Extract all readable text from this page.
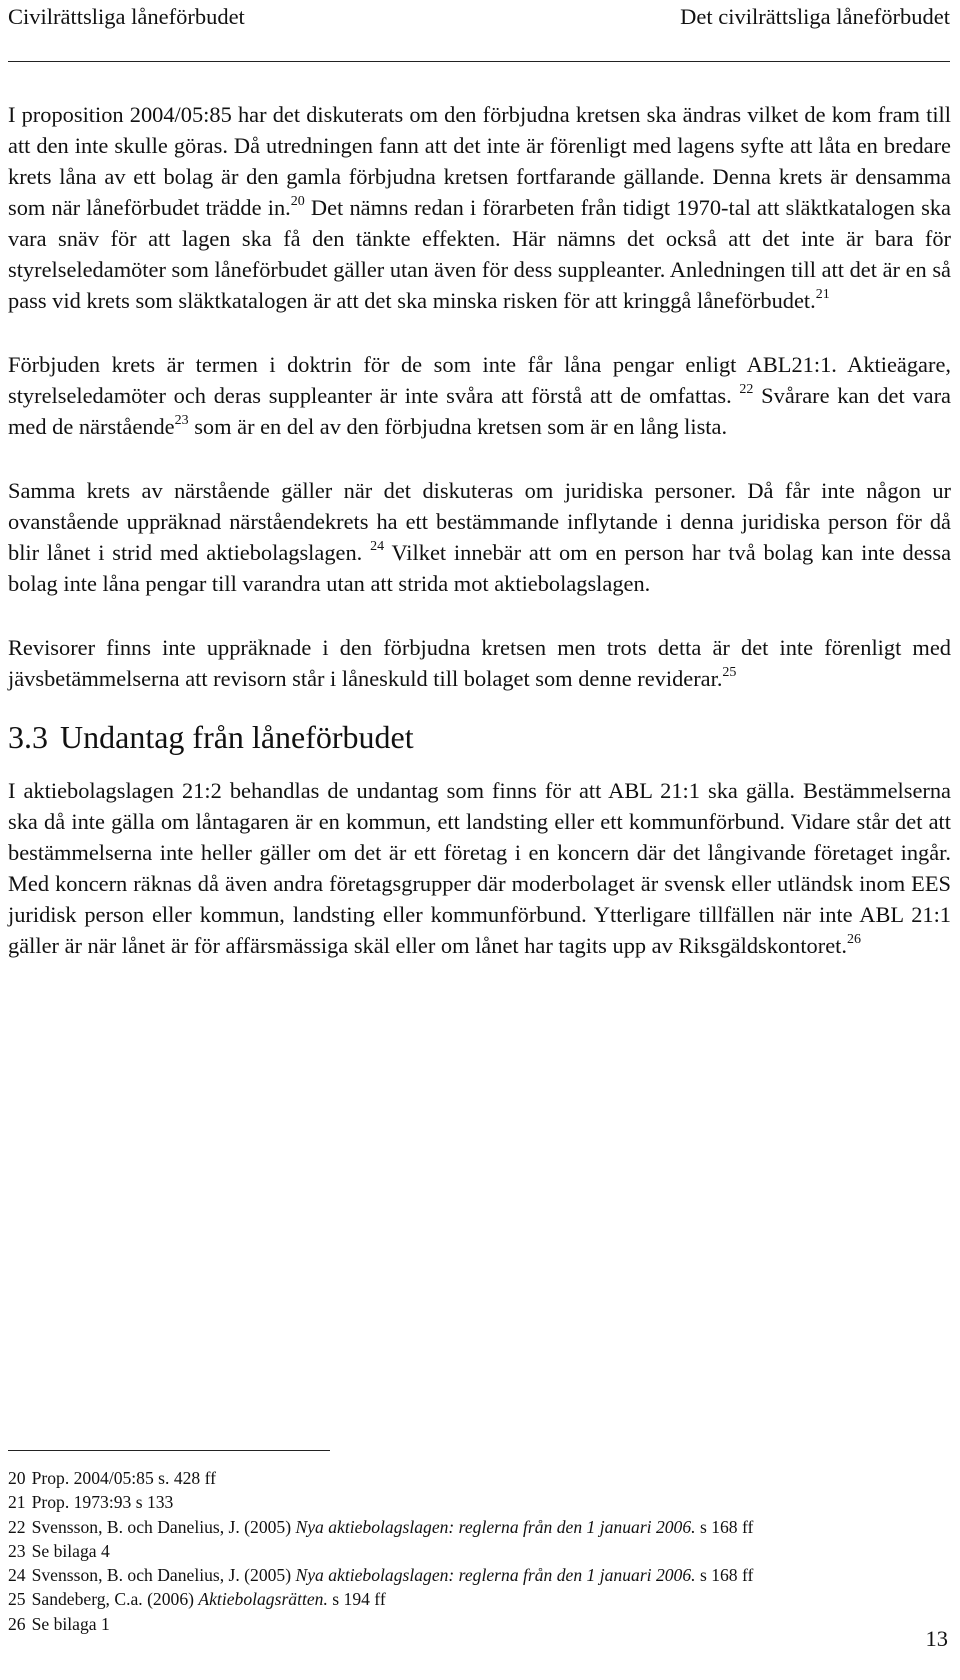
Civilrättsliga låneförbudet	Det civilrättsliga låneförbudet

I proposition 2004/05:85 har det diskuterats om den förbjudna kretsen ska ändras vilket de kom fram till att den inte skulle göras. Då utredningen fann att det inte är förenligt med lagens syfte att låta en bredare krets låna av ett bolag är den gamla förbjudna kretsen fortfarande gällande. Denna krets är densamma som när låneförbudet trädde in.$^{20}$ Det nämns redan i förarbeten från tidigt 1970-tal att släktkatalogen ska vara snäv för att lagen ska få den tänkte effekten. Här nämns det också att det inte är bara för styrelseledamöter som låneförbudet gäller utan även för dess suppleanter. Anledningen till att det är en så pass vid krets som släktkatalogen är att det ska minska risken för att kringgå låneförbudet.$^{21}$

Förbjuden krets är termen i doktrin för de som inte får låna pengar enligt ABL21:1. Aktieägare, styrelseledamöter och deras suppleanter är inte svåra att förstå att de omfattas. $^{22}$ Svårare kan det vara med de närstående$^{23}$ som är en del av den förbjudna kretsen som är en lång lista.

Samma krets av närstående gäller när det diskuteras om juridiska personer. Då får inte någon ur ovanstående uppräknad närståendekrets ha ett bestämmande inflytande i denna juridiska person för då blir lånet i strid med aktiebolagslagen. $^{24}$ Vilket innebär att om en person har två bolag kan inte dessa bolag inte låna pengar till varandra utan att strida mot aktiebolagslagen.

Revisorer finns inte uppräknade i den förbjudna kretsen men trots detta är det inte förenligt med jävsbetämmelserna att revisorn står i låneskuld till bolaget som denne reviderar.$^{25}$

3.3 Undantag från låneförbudet

I aktiebolagslagen 21:2 behandlas de undantag som finns för att ABL 21:1 ska gälla. Bestämmelserna ska då inte gälla om låntagaren är en kommun, ett landsting eller ett kommunförbund. Vidare står det att bestämmelserna inte heller gäller om det är ett företag i en koncern där det långivande företaget ingår. Med koncern räknas då även andra företagsgrupper där moderbolaget är svensk eller utländsk inom EES juridisk person eller kommun, landsting eller kommunförbund. Ytterligare tillfällen när inte ABL 21:1 gäller är när lånet är för affärsmässiga skäl eller om lånet har tagits upp av Riksgäldskontoret.$^{26}$

20 Prop. 2004/05:85 s. 428 ff
21 Prop. 1973:93 s 133
22 Svensson, B. och Danelius, J. (2005) Nya aktiebolagslagen: reglerna från den 1 januari 2006. s 168 ff
23 Se bilaga 4
24 Svensson, B. och Danelius, J. (2005) Nya aktiebolagslagen: reglerna från den 1 januari 2006. s 168 ff
25 Sandeberg, C.a. (2006) Aktiebolagsrätten. s 194 ff
26 Se bilaga 1
13
